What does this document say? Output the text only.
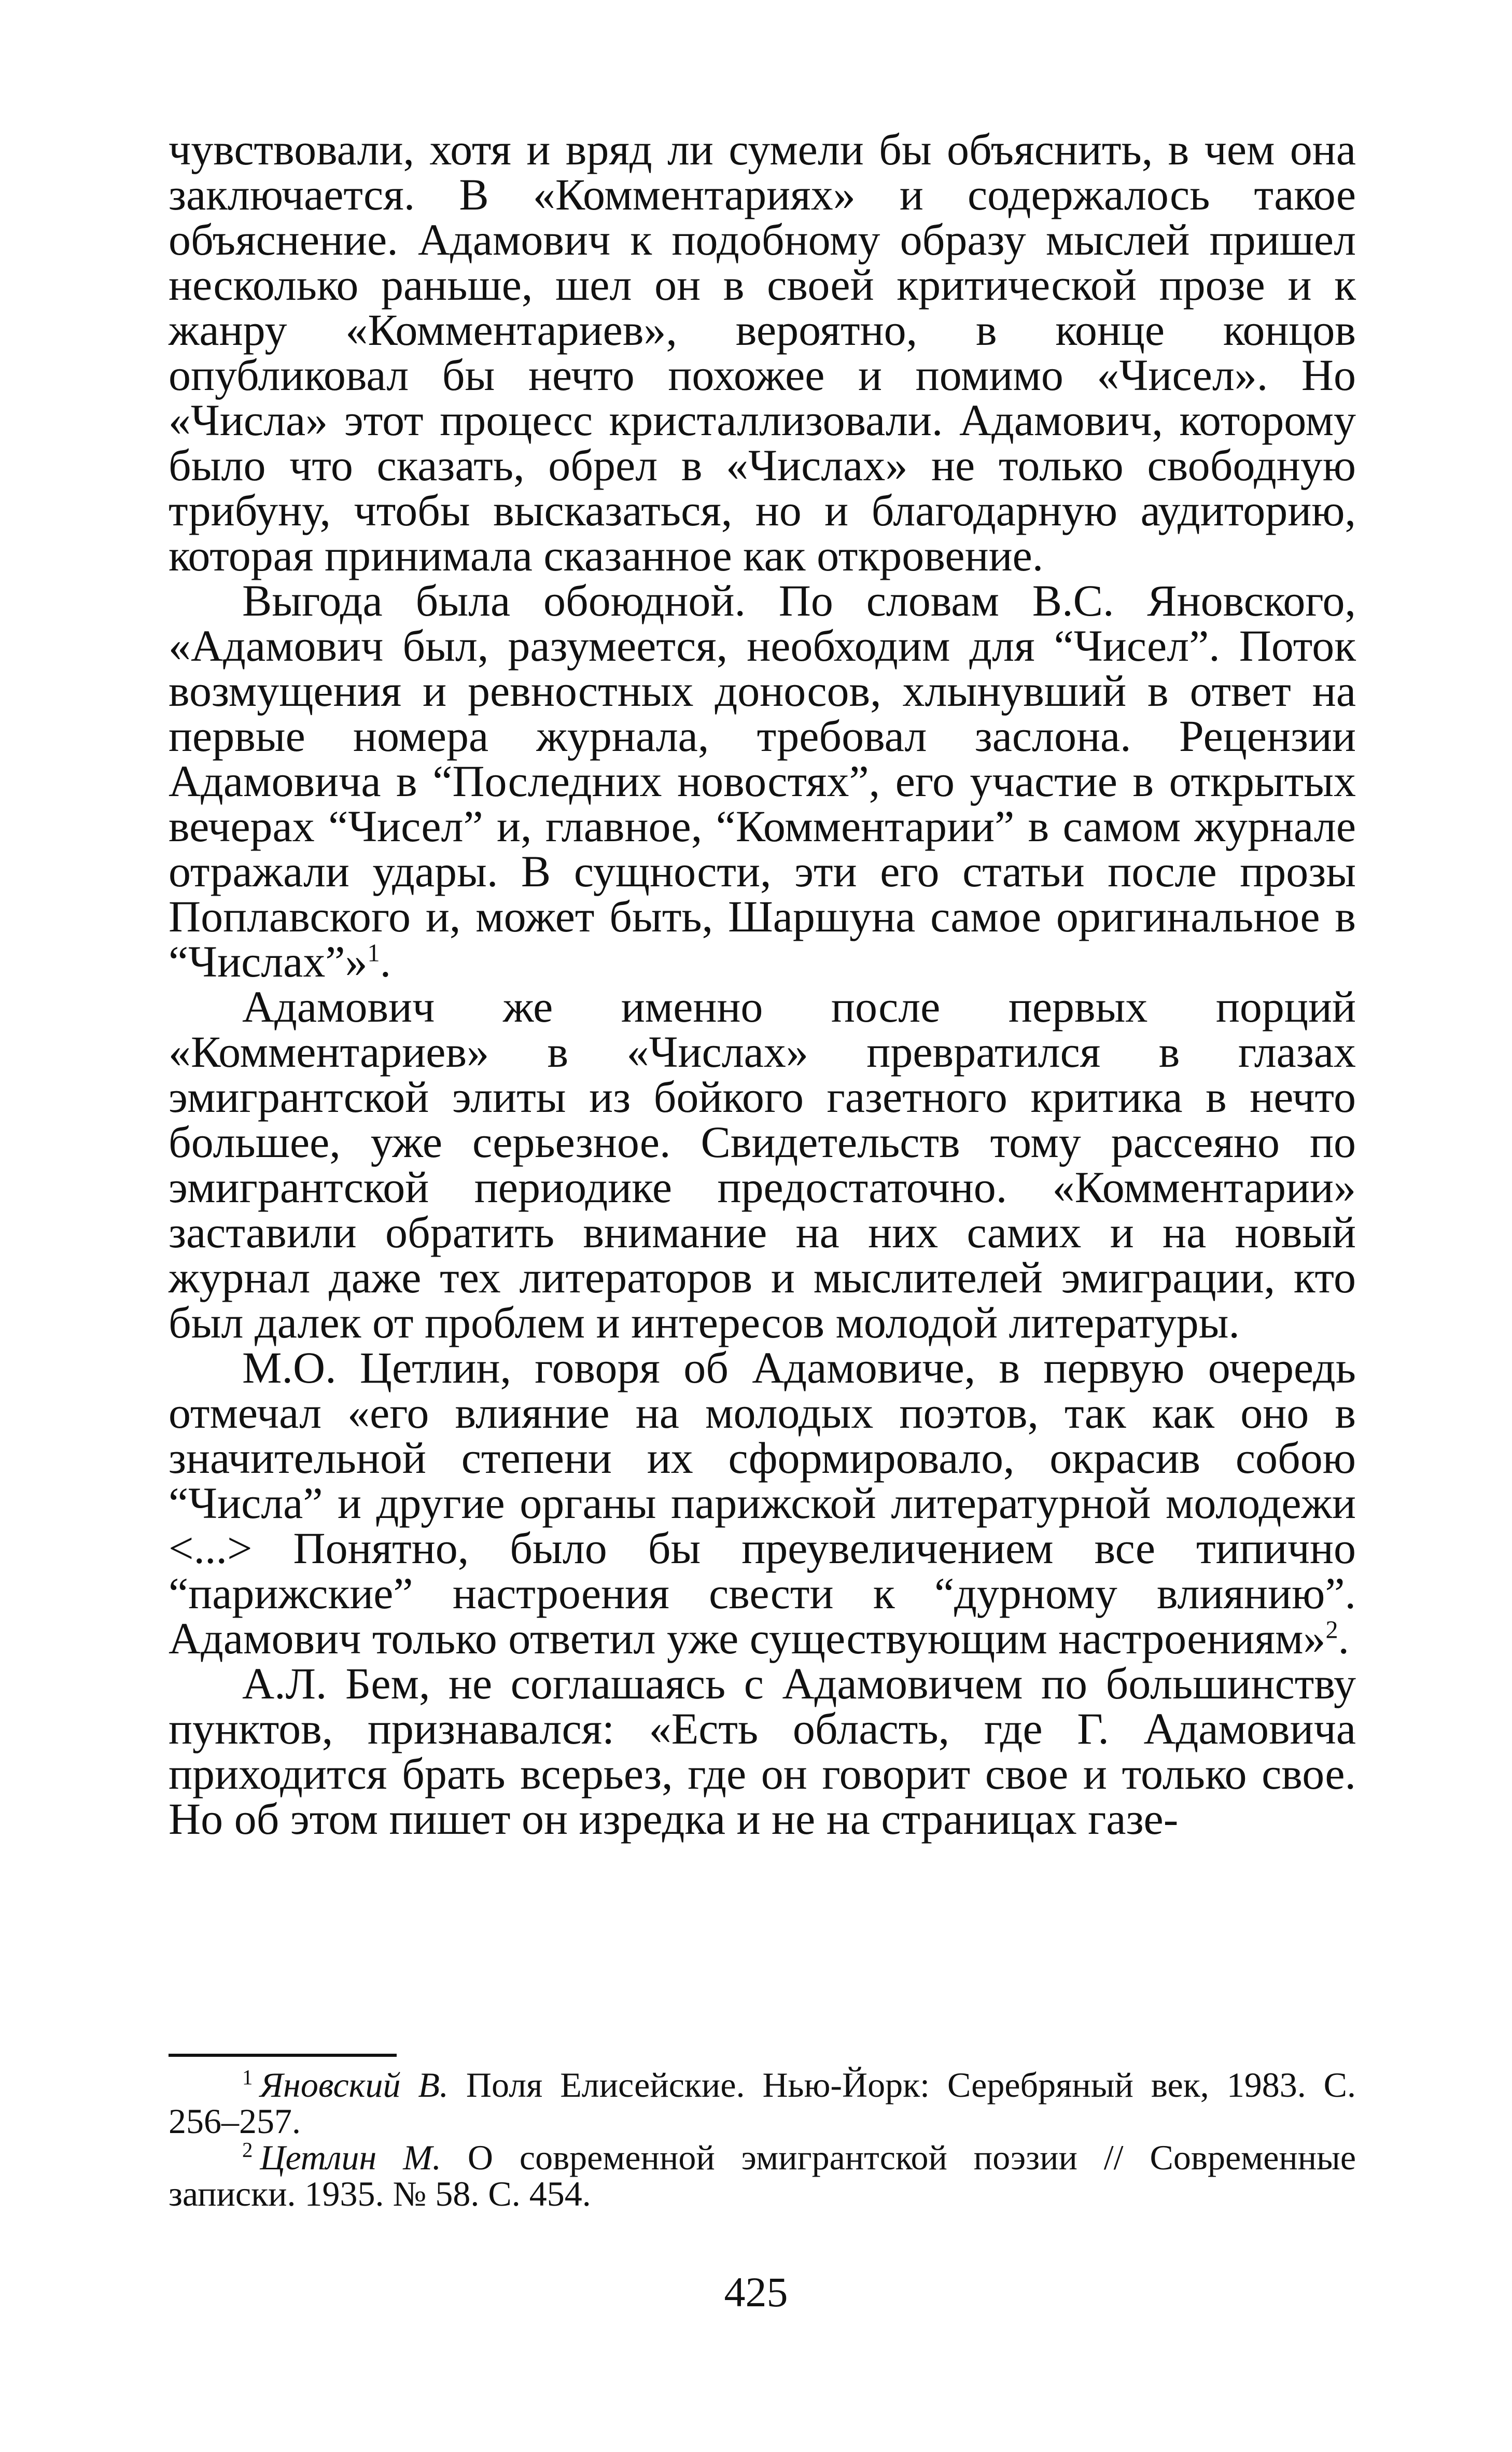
чувствовали, хотя и вряд ли сумели бы объяснить, в чем она заключается. В «Комментариях» и содержалось такое объяснение. Адамович к подобному образу мыслей пришел несколько раньше, шел он в своей критической прозе и к жанру «Комментариев», вероятно, в конце концов опубликовал бы нечто похожее и помимо «Чисел». Но «Числа» этот процесс кристаллизовали. Адамович, которому было что сказать, обрел в «Числах» не только свободную трибуну, чтобы высказаться, но и благодарную аудиторию, которая принимала сказанное как откровение.

Выгода была обоюдной. По словам В.С. Яновского, «Адамович был, разумеется, необходим для “Чисел”. Поток возмущения и ревностных доносов, хлынувший в ответ на первые номера журнала, требовал заслона. Рецензии Адамовича в “Последних новостях”, его участие в открытых вечерах “Чисел” и, главное, “Комментарии” в самом журнале отражали удары. В сущности, эти его статьи после прозы Поплавского и, может быть, Шаршуна самое оригинальное в “Числах”»$^1$.

Адамович же именно после первых порций «Комментариев» в «Числах» превратился в глазах эмигрантской элиты из бойкого газетного критика в нечто большее, уже серьезное. Свидетельств тому рассеяно по эмигрантской периодике предостаточно. «Комментарии» заставили обратить внимание на них самих и на новый журнал даже тех литераторов и мыслителей эмиграции, кто был далек от проблем и интересов молодой литературы.

М.О. Цетлин, говоря об Адамовиче, в первую очередь отмечал «его влияние на молодых поэтов, так как оно в значительной степени их сформировало, окрасив собою “Числа” и другие органы парижской литературной молодежи <...> Понятно, было бы преувеличением все типично “парижские” настроения свести к “дурному влиянию”. Адамович только ответил уже существующим настроениям»$^2$.

А.Л. Бем, не соглашаясь с Адамовичем по большинству пунктов, признавался: «Есть область, где Г. Адамовича приходится брать всерьез, где он говорит свое и только свое. Но об этом пишет он изредка и не на страницах газе-

$^1$ Яновский В. Поля Елисейские. Нью-Йорк: Серебряный век, 1983. С. 256–257.

$^2$ Цетлин М. О современной эмигрантской поэзии // Современные записки. 1935. № 58. С. 454.

425
